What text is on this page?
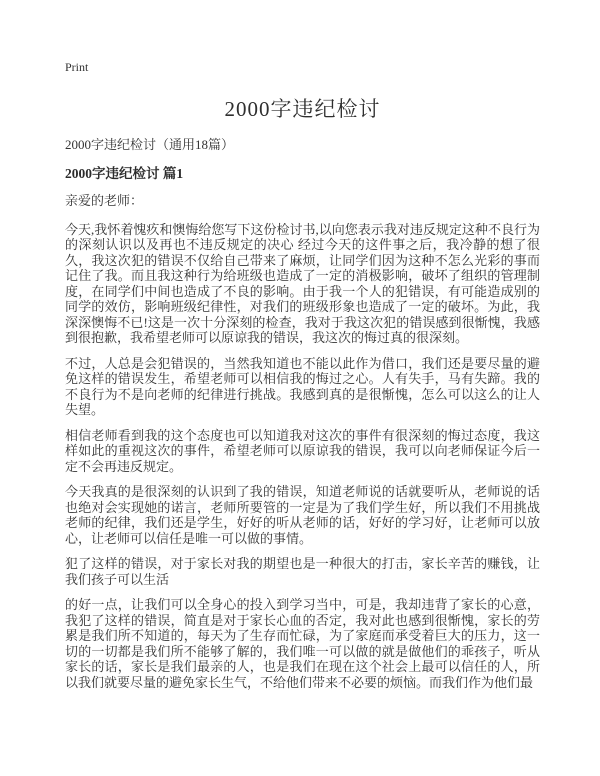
Print
2000字违纪检讨
2000字违纪检讨（通用18篇）
2000字违纪检讨 篇1

亲爱的老师：

今天,我怀着愧疚和懊悔给您写下这份检讨书,以向您表示我对违反规定这种不良行为的深刻认识以及再也不违反规定的决心 经过今天的这件事之后，我冷静的想了很久，我这次犯的错误不仅给自己带来了麻烦，让同学们因为这种不怎么光彩的事而记住了我。而且我这种行为给班级也造成了一定的消极影响，破坏了组织的管理制度，在同学们中间也造成了不良的影响。由于我一个人的犯错误，有可能造成别的同学的效仿，影响班级纪律性，对我们的班级形象也造成了一定的破坏。为此，我深深懊悔不已!这是一次十分深刻的检查，我对于我这次犯的错误感到很惭愧，我感到很抱歉，我希望老师可以原谅我的错误，我这次的悔过真的很深刻。

不过，人总是会犯错误的，当然我知道也不能以此作为借口，我们还是要尽量的避免这样的错误发生，希望老师可以相信我的悔过之心。人有失手，马有失蹄。我的不良行为不是向老师的纪律进行挑战。我感到真的是很惭愧，怎么可以这么的让人失望。

相信老师看到我的这个态度也可以知道我对这次的事件有很深刻的悔过态度，我这样如此的重视这次的事件，希望老师可以原谅我的错误，我可以向老师保证今后一定不会再违反规定。

今天我真的是很深刻的认识到了我的错误，知道老师说的话就要听从，老师说的话也绝对会实现她的诺言，老师所要管的一定是为了我们学生好，所以我们不用挑战老师的纪律，我们还是学生，好好的听从老师的话，好好的学习好，让老师可以放心，让老师可以信任是唯一可以做的事情。

犯了这样的错误，对于家长对我的期望也是一种很大的打击，家长辛苦的赚钱，让我们孩子可以生活

的好一点，让我们可以全身心的投入到学习当中，可是，我却违背了家长的心意，我犯了这样的错误，简直是对于家长心血的否定，我对此也感到很惭愧，家长的劳累是我们所不知道的，每天为了生存而忙碌，为了家庭而承受着巨大的压力，这一切的一切都是我们所不能够了解的，我们唯一可以做的就是做他们的乖孩子，听从家长的话，家长是我们最亲的人，也是我们在现在这个社会上最可以信任的人，所以我们就要尽量的避免家长生气，不给他们带来不必要的烦恼。而我们作为他们最
